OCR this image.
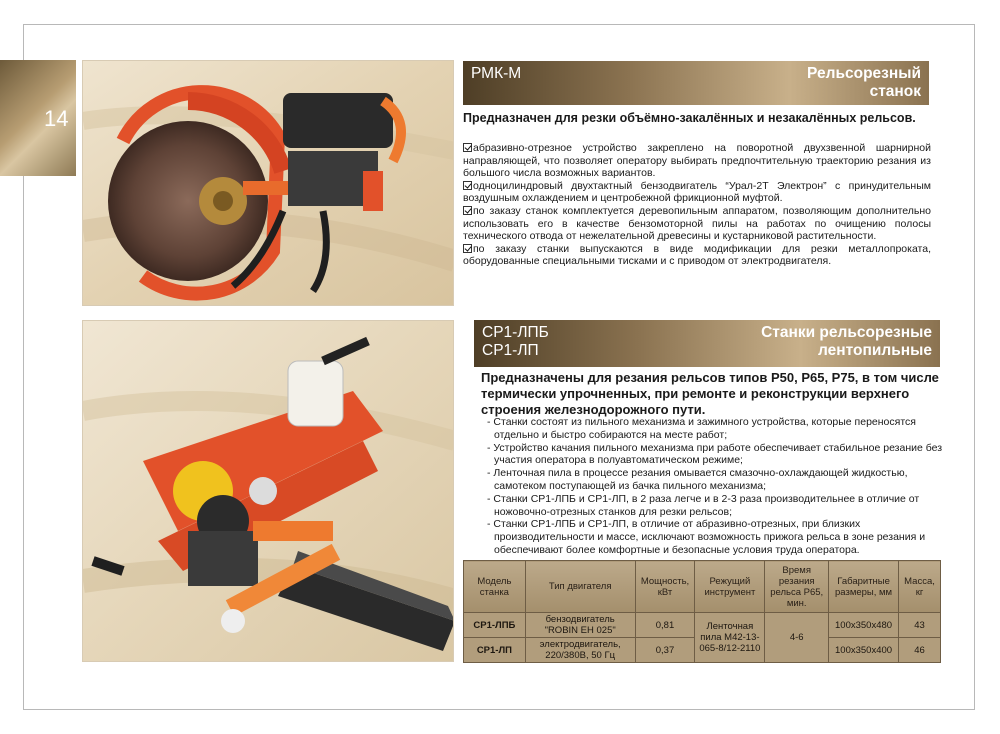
14
РМК-М	Рельсорезный
станок
Предназначен для резки объёмно-закалённых и незакалённых рельсов.

абразивно-отрезное устройство закреплено на поворотной двухзвенной шарнирной направляющей, что позволяет оператору выбирать предпочтительную траекторию резания из большого числа возможных вариантов.

одноцилиндровый двухтактный бензодвигатель “Урал-2Т Электрон” с принудительным воздушным охлаждением и центробежной фрикционной муфтой.

по заказу станок комплектуется деревопильным аппаратом, позволяющим дополнительно использовать его в качестве бензомоторной пилы на работах по очищению полосы технического отвода от нежелательной древесины и кустарниковой растительности.

по заказу станки выпускаются в виде модификации для резки металлопроката, оборудованные специальными тисками и с приводом от электродвигателя.

СР1-ЛПБ
СР1-ЛП
Станки рельсорезные
лентопильные
Предназначены для резания рельсов типов Р50, Р65, Р75, в том числе термически упрочненных, при ремонте и реконструкции верхнего строения железнодорожного пути.
- Станки состоят из пильного механизма и зажимного устройства, которые переносятся отдельно и быстро собираются на месте работ;
- Устройство качания пильного механизма при работе обеспечивает стабильное резание без участия оператора в полуавтоматическом режиме;
- Ленточная пила в процессе резания омывается смазочно-охлаждающей жидкостью, самотеком поступающей из бачка пильного механизма;
- Станки СР1-ЛПБ и СР1-ЛП, в 2 раза легче и в 2-3 раза производительнее в отличие от ножовочно-отрезных станков для резки рельсов;
- Станки СР1-ЛПБ и СР1-ЛП, в отличие от абразивно-отрезных, при близких производительности и массе, исключают возможность прижога рельса в зоне резания и обеспечивают более комфортные и безопасные условия труда оператора.
Модель станка	Тип двигателя	Мощность, кВт	Режущий инструмент	Время резания рельса Р65, мин.	Габаритные размеры, мм	Масса, кг
СР1-ЛПБ	бензодвигатель "ROBIN EH 025"	0,81	Ленточная пила М42-13-065-8/12-2110	4-6	100х350х480	43
СР1-ЛП	электродвигатель, 220/380В, 50 Гц	0,37			100х350х400	46
